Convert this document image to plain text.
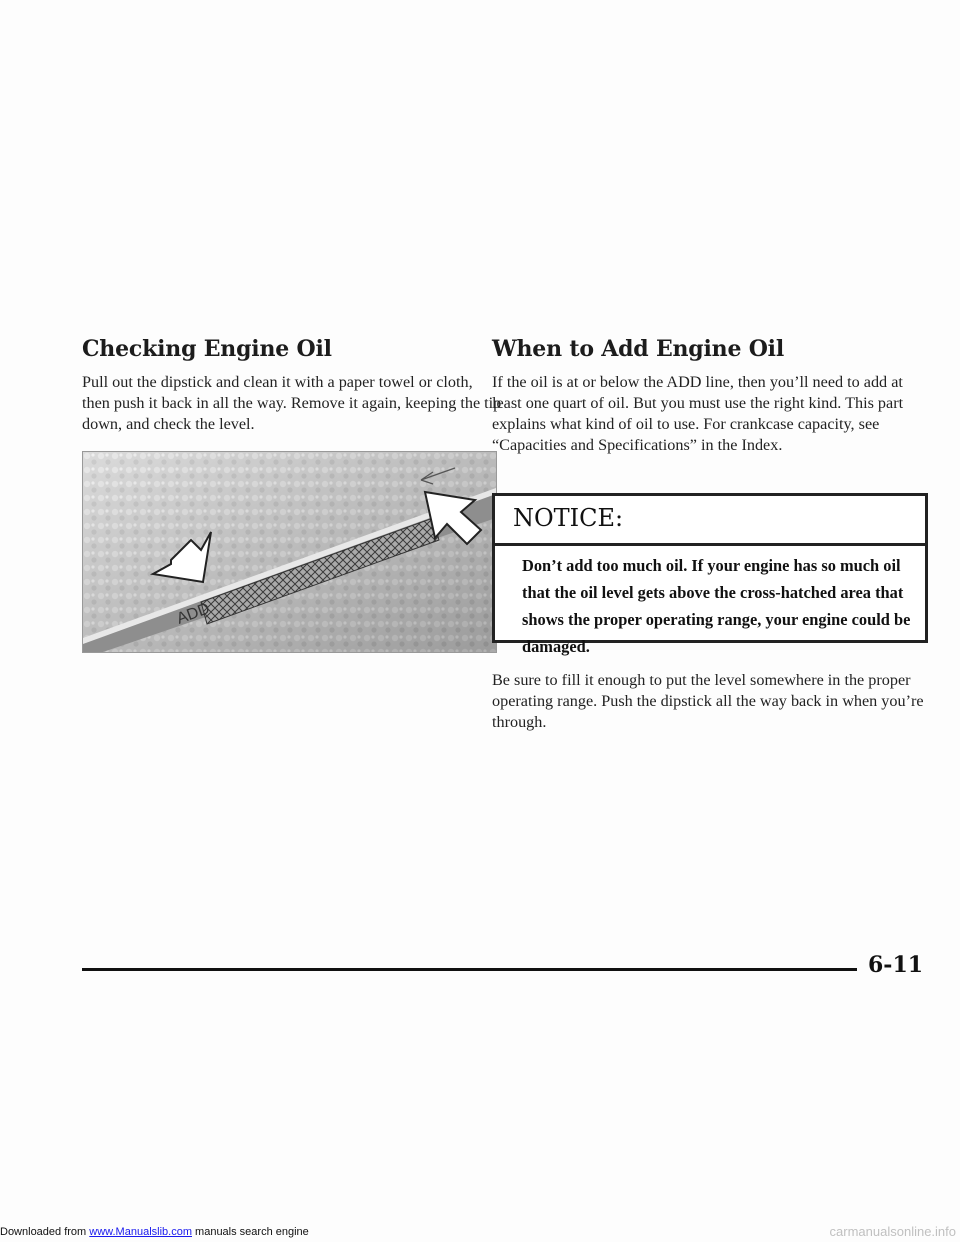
Checking Engine Oil

Pull out the dipstick and clean it with a paper towel or cloth, then push it back in all the way. Remove it again, keeping the tip down, and check the level.

ADD
When to Add Engine Oil

If the oil is at or below the ADD line, then you’ll need to add at least one quart of oil. But you must use the right kind. This part explains what kind of oil to use. For crankcase capacity, see “Capacities and Specifications” in the Index.

NOTICE:
Don’t add too much oil. If your engine has so much oil that the oil level gets above the cross-hatched area that shows the proper operating range, your engine could be damaged.

Be sure to fill it enough to put the level somewhere in the proper operating range. Push the dipstick all the way back in when you’re through.

6-11
Downloaded from www.Manualslib.com manuals search engine	carmanualsonline.info
